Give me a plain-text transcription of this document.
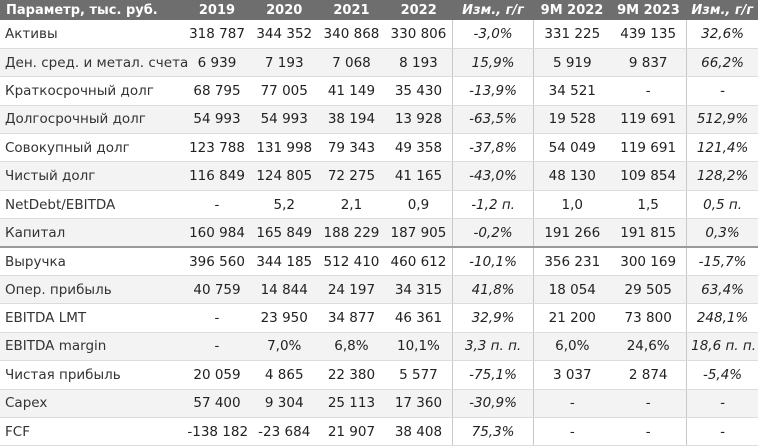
Параметр, тыс. руб.	2019	2020	2021	2022	Изм., г/г	9М 2022	9М 2023	Изм., г/г
Активы	318 787	344 352	340 868	330 806	-3,0%	331 225	439 135	32,6%
Ден. сред. и метал. счета	6 939	7 193	7 068	8 193	15,9%	5 919	9 837	66,2%
Краткосрочный долг	68 795	77 005	41 149	35 430	-13,9%	34 521	-	-
Долгосрочный долг	54 993	54 993	38 194	13 928	-63,5%	19 528	119 691	512,9%
Совокупный долг	123 788	131 998	79 343	49 358	-37,8%	54 049	119 691	121,4%
Чистый долг	116 849	124 805	72 275	41 165	-43,0%	48 130	109 854	128,2%
NetDebt/EBITDA	-	5,2	2,1	0,9	-1,2 п.	1,0	1,5	0,5 п.
Капитал	160 984	165 849	188 229	187 905	-0,2%	191 266	191 815	0,3%
Выручка	396 560	344 185	512 410	460 612	-10,1%	356 231	300 169	-15,7%
Опер. прибыль	40 759	14 844	24 197	34 315	41,8%	18 054	29 505	63,4%
EBITDA LMT	-	23 950	34 877	46 361	32,9%	21 200	73 800	248,1%
EBITDA margin	-	7,0%	6,8%	10,1%	3,3 п. п.	6,0%	24,6%	18,6 п. п.
Чистая прибыль	20 059	4 865	22 380	5 577	-75,1%	3 037	2 874	-5,4%
Capex	57 400	9 304	25 113	17 360	-30,9%	-	-	-
FCF	-138 182	-23 684	21 907	38 408	75,3%	-	-	-
